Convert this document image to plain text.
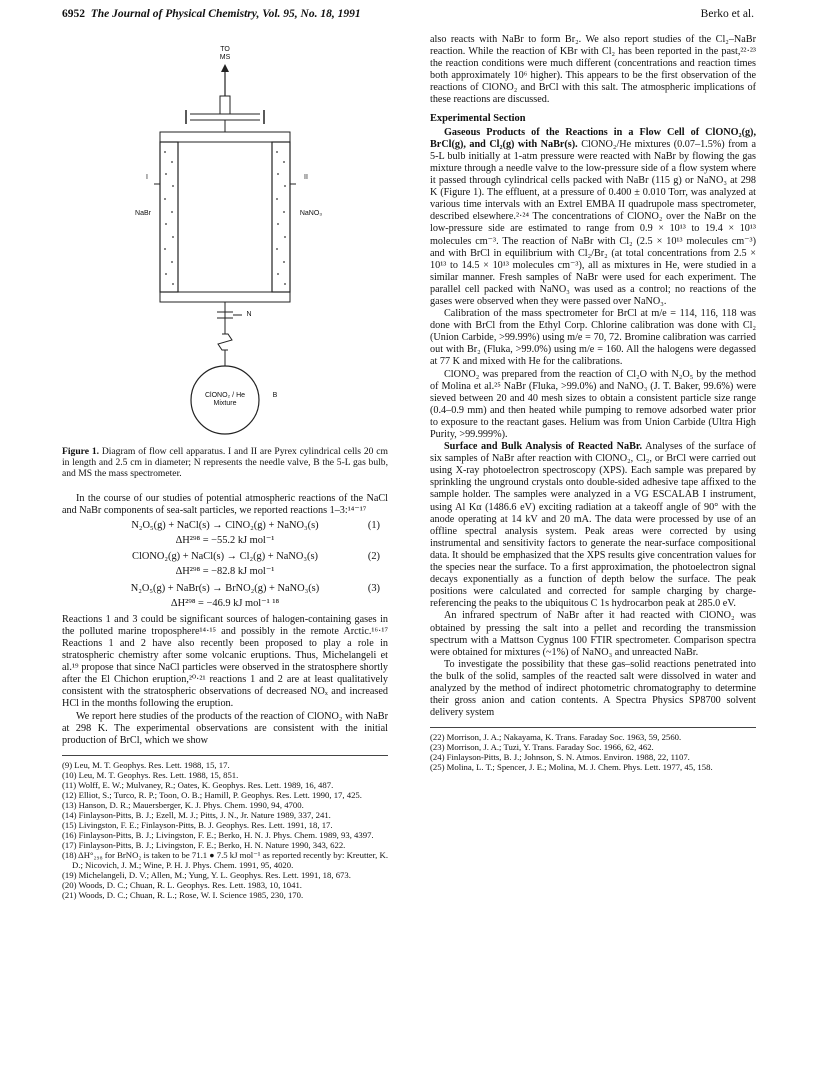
6952 The Journal of Physical Chemistry, Vol. 95, No. 18, 1991	Berko et al.
TO
MS
I	II
NaBr	NaNO₃
N
ClONO₂ / He
Mixture
B
Figure 1. Diagram of flow cell apparatus. I and II are Pyrex cylindrical cells 20 cm in length and 2.5 cm in diameter; N represents the needle valve, B the 5-L gas bulb, and MS the mass spectrometer.

In the course of our studies of potential atmospheric reactions of the NaCl and NaBr components of sea-salt particles, we reported reactions 1–3:¹⁴⁻¹⁷

N₂O₅(g) + NaCl(s) → ClNO₂(g) + NaNO₃(s)	(1)
ΔH²⁹⁸ = −55.2 kJ mol⁻¹
ClONO₂(g) + NaCl(s) → Cl₂(g) + NaNO₃(s)	(2)
ΔH²⁹⁸ = −82.8 kJ mol⁻¹
N₂O₅(g) + NaBr(s) → BrNO₂(g) + NaNO₃(s)	(3)
ΔH²⁹⁸ = −46.9 kJ mol⁻¹ ¹⁸

Reactions 1 and 3 could be significant sources of halogen-containing gases in the polluted marine troposphere¹⁴·¹⁵ and possibly in the remote Arctic.¹⁶·¹⁷ Reactions 1 and 2 have also recently been proposed to play a role in stratospheric chemistry after some volcanic eruptions. Thus, Michelangeli et al.¹⁹ propose that since NaCl particles were observed in the stratosphere shortly after the El Chichon eruption,²⁰·²¹ reactions 1 and 2 are at least qualitatively consistent with the stratospheric observations of decreased NOₓ and increased HCl in the months following the eruption.

We report here studies of the products of the reaction of ClONO₂ with NaBr at 298 K. The experimental observations are consistent with the initial production of BrCl, which we show

(9) Leu, M. T. Geophys. Res. Lett. 1988, 15, 17.
(10) Leu, M. T. Geophys. Res. Lett. 1988, 15, 851.
(11) Wolff, E. W.; Mulvaney, R.; Oates, K. Geophys. Res. Lett. 1989, 16, 487.
(12) Elliot, S.; Turco, R. P.; Toon, O. B.; Hamill, P. Geophys. Res. Lett. 1990, 17, 425.
(13) Hanson, D. R.; Mauersberger, K. J. Phys. Chem. 1990, 94, 4700.
(14) Finlayson-Pitts, B. J.; Ezell, M. J.; Pitts, J. N., Jr. Nature 1989, 337, 241.
(15) Livingston, F. E.; Finlayson-Pitts, B. J. Geophys. Res. Lett. 1991, 18, 17.
(16) Finlayson-Pitts, B. J.; Livingston, F. E.; Berko, H. N. J. Phys. Chem. 1989, 93, 4397.
(17) Finlayson-Pitts, B. J.; Livingston, F. E.; Berko, H. N. Nature 1990, 343, 622.
(18) ΔH°₂₉₈ for BrNO₂ is taken to be 71.1 ● 7.5 kJ mol⁻¹ as reported recently by: Kreutter, K. D.; Nicovich, J. M.; Wine, P. H. J. Phys. Chem. 1991, 95, 4020.
(19) Michelangeli, D. V.; Allen, M.; Yung, Y. L. Geophys. Res. Lett. 1991, 18, 673.
(20) Woods, D. C.; Chuan, R. L. Geophys. Res. Lett. 1983, 10, 1041.
(21) Woods, D. C.; Chuan, R. L.; Rose, W. I. Science 1985, 230, 170.

also reacts with NaBr to form Br₂. We also report studies of the Cl₂–NaBr reaction. While the reaction of KBr with Cl₂ has been reported in the past,²²·²³ the reaction conditions were much different (concentrations and reaction times both approximately 10⁶ higher). This appears to be the first observation of the reactions of ClONO₂ and BrCl with this salt. The atmospheric implications of these reactions are discussed.

Experimental Section

Gaseous Products of the Reactions in a Flow Cell of ClONO₂(g), BrCl(g), and Cl₂(g) with NaBr(s). ClONO₂/He mixtures (0.07–1.5%) from a 5-L bulb initially at 1-atm pressure were reacted with NaBr by flowing the gas mixture through a needle valve to the low-pressure side of a flow system where it passed through cylindrical cells packed with NaBr (115 g) or NaNO₃ at 298 K (Figure 1). The effluent, at a pressure of 0.400 ± 0.010 Torr, was analyzed at various time intervals with an Extrel EMBA II quadrupole mass spectrometer, described elsewhere.²·²⁴ The concentrations of ClONO₂ over the NaBr on the low-pressure side are estimated to range from 0.9 × 10¹³ to 19.4 × 10¹³ molecules cm⁻³. The reaction of NaBr with Cl₂ (2.5 × 10¹³ molecules cm⁻³) and with BrCl in equilibrium with Cl₂/Br₂ (at total concentrations from 2.5 × 10¹³ to 14.5 × 10¹³ molecules cm⁻³), all as mixtures in He, were studied in a similar manner. Fresh samples of NaBr were used for each experiment. The parallel cell packed with NaNO₃ was used as a control; no reactions of the gases were observed when they were passed over NaNO₃.

Calibration of the mass spectrometer for BrCl at m/e = 114, 116, 118 was done with BrCl from the Ethyl Corp. Chlorine calibration was done with Cl₂ (Union Carbide, >99.99%) using m/e = 70, 72. Bromine calibration was carried out with Br₂ (Fluka, >99.0%) using m/e = 160. All the halogens were degassed at 77 K and mixed with He for the calibrations.

ClONO₂ was prepared from the reaction of Cl₂O with N₂O₅ by the method of Molina et al.²⁵ NaBr (Fluka, >99.0%) and NaNO₃ (J. T. Baker, 99.6%) were sieved between 20 and 40 mesh sizes to obtain a consistent particle size range (0.4–0.9 mm) and then heated while pumping to remove adsorbed water prior to exposure to the reactant gases. Helium was from Union Carbide (Ultra High Purity, >99.999%).

Surface and Bulk Analysis of Reacted NaBr. Analyses of the surface of six samples of NaBr after reaction with ClONO₂, Cl₂, or BrCl were carried out using X-ray photoelectron spectroscopy (XPS). Each sample was prepared by sprinkling the unground crystals onto double-sided adhesive tape affixed to the sample holder. The samples were analyzed in a VG ESCALAB I instrument, using Al Kα (1486.6 eV) exciting radiation at a takeoff angle of 90° with the anode operating at 14 kV and 20 mA. The data were processed by use of an offline spectral analysis system. Peak areas were corrected by using instrumental and sensitivity factors to generate the near-surface compositional data. It should be emphasized that the XPS results give concentration values for the species near the surface. To a first approximation, the photoelectron signal decays exponentially as a function of depth below the surface. The peak positions were calculated and corrected for sample charging by charge-referencing the peaks to the ubiquitous C 1s hydrocarbon peak at 285.0 eV.

An infrared spectrum of NaBr after it had reacted with ClONO₂ was obtained by pressing the salt into a pellet and recording the transmission spectrum with a Mattson Cygnus 100 FTIR spectrometer. Comparison spectra were obtained for mixtures (~1%) of NaNO₃ and unreacted NaBr.

To investigate the possibility that these gas–solid reactions penetrated into the bulk of the solid, samples of the reacted salt were dissolved in water and analyzed by the method of indirect photometric chromatography to determine their gross anion and cation contents. A Spectra Physics SP8700 solvent delivery system

(22) Morrison, J. A.; Nakayama, K. Trans. Faraday Soc. 1963, 59, 2560.
(23) Morrison, J. A.; Tuzi, Y. Trans. Faraday Soc. 1966, 62, 462.
(24) Finlayson-Pitts, B. J.; Johnson, S. N. Atmos. Environ. 1988, 22, 1107.
(25) Molina, L. T.; Spencer, J. E.; Molina, M. J. Chem. Phys. Lett. 1977, 45, 158.
